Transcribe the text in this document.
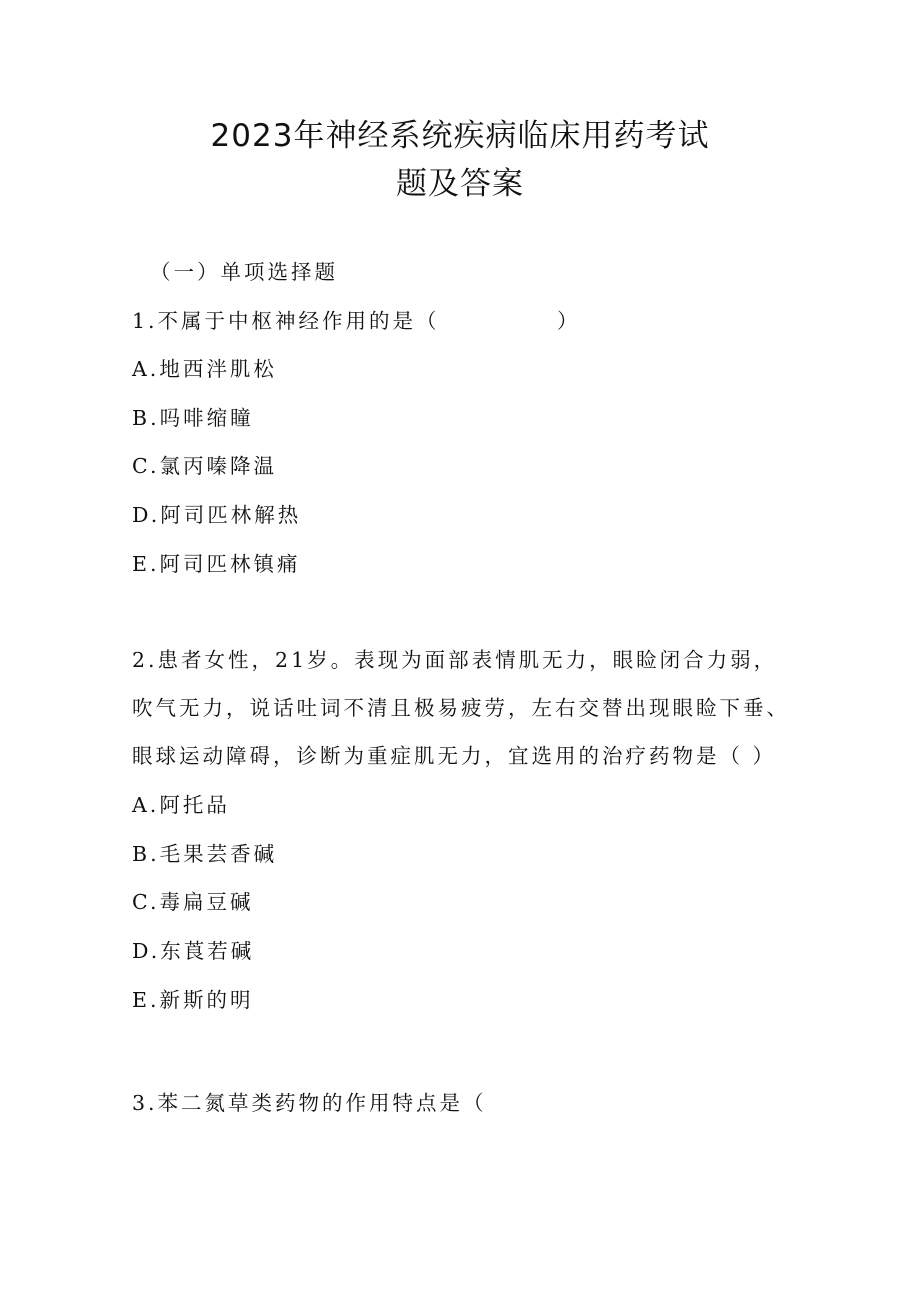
2023年神经系统疾病临床用药考试
题及答案
（一）单项选择题
1.不属于中枢神经作用的是（　　　　　）
A.地西泮肌松
B.吗啡缩瞳
C.氯丙嗪降温
D.阿司匹林解热
E.阿司匹林镇痛
2.患者女性，21岁。表现为面部表情肌无力，眼睑闭合力弱，
吹气无力，说话吐词不清且极易疲劳，左右交替出现眼睑下垂、
眼球运动障碍，诊断为重症肌无力，宜选用的治疗药物是（ ）
A.阿托品
B.毛果芸香碱
C.毒扁豆碱
D.东莨若碱
E.新斯的明
3.苯二氮草类药物的作用特点是（
